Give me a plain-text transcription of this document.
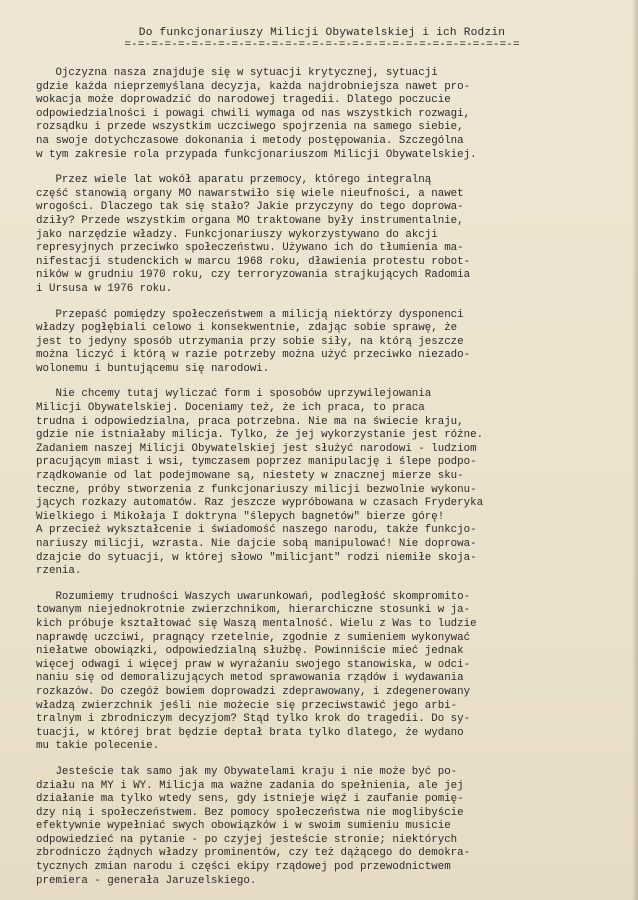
Do funkcjonariuszy Milicji Obywatelskiej i ich Rodzin

=-=-=-=-=-=-=-=-=-=-=-=-=-=-=-=-=-=-=-=-=-=-=-=-=-=-=-=-=-=

Ojczyzna nasza znajduje się w sytuacji krytycznej, sytuacji
gdzie każda nieprzemyślana decyzja, każda najdrobniejsza nawet pro-
wokacja może doprowadzić do narodowej tragedii. Dlatego poczucie
odpowiedzialności i powagi chwili wymaga od nas wszystkich rozwagi,
rozsądku i przede wszystkim uczciwego spojrzenia na samego siebie,
na swoje dotychczasowe dokonania i metody postępowania. Szczególna
w tym zakresie rola przypada funkcjonariuszom Milicji Obywatelskiej.
Przez wiele lat wokół aparatu przemocy, którego integralną
część stanowią organy MO nawarstwiło się wiele nieufności, a nawet
wrogości. Dlaczego tak się stało? Jakie przyczyny do tego doprowa-
dziły? Przede wszystkim organa MO traktowane były instrumentalnie,
jako narzędzie władzy. Funkcjonariuszy wykorzystywano do akcji
represyjnych przeciwko społeczeństwu. Używano ich do tłumienia ma-
nifestacji studenckich w marcu 1968 roku, dławienia protestu robot-
ników w grudniu 1970 roku, czy terroryzowania strajkujących Radomia
i Ursusa w 1976 roku.
Przepaść pomiędzy społeczeństwem a milicją niektórzy dysponenci
władzy pogłębiali celowo i konsekwentnie, zdając sobie sprawę, że
jest to jedyny sposób utrzymania przy sobie siły, na którą jeszcze
można liczyć i którą w razie potrzeby można użyć przeciwko niezado-
wolonemu i buntującemu się narodowi.
Nie chcemy tutaj wyliczać form i sposobów uprzywilejowania
Milicji Obywatelskiej. Doceniamy też, że ich praca, to praca
trudna i odpowiedzialna, praca potrzebna. Nie ma na świecie kraju,
gdzie nie istniałaby milicja. Tylko, że jej wykorzystanie jest różne.
Zadaniem naszej Milicji Obywatelskiej jest służyć narodowi - ludziom
pracującym miast i wsi, tymczasem poprzez manipulację i ślepe podpo-
rządkowanie od lat podejmowane są, niestety w znacznej mierze sku-
teczne, próby stworzenia z funkcjonariuszy milicji bezwolnie wykonu-
jących rozkazy automatów. Raz jeszcze wypróbowana w czasach Fryderyka
Wielkiego i Mikołaja I doktryna "ślepych bagnetów" bierze górę!
A przecież wykształcenie i świadomość naszego narodu, także funkcjo-
nariuszy milicji, wzrasta. Nie dajcie sobą manipulować! Nie doprowa-
dzajcie do sytuacji, w której słowo "milicjant" rodzi niemiłe skoja-
rzenia.
Rozumiemy trudności Waszych uwarunkowań, podległość skompromito-
towanym niejednokrotnie zwierzchnikom, hierarchiczne stosunki w ja-
kich próbuje kształtować się Waszą mentalność. Wielu z Was to ludzie
naprawdę uczciwi, pragnący rzetelnie, zgodnie z sumieniem wykonywać
niełatwe obowiązki, odpowiedzialną służbę. Powinniście mieć jednak
więcej odwagi i więcej praw w wyrażaniu swojego stanowiska, w odci-
naniu się od demoralizujących metod sprawowania rządów i wydawania
rozkazów. Do czegóż bowiem doprowadzi zdeprawowany, i zdegenerowany
władzą zwierzchnik jeśli nie możecie się przeciwstawić jego arbi-
tralnym i zbrodniczym decyzjom? Stąd tylko krok do tragedii. Do sy-
tuacji, w której brat będzie deptał brata tylko dlatego, że wydano
mu takie polecenie.
Jesteście tak samo jak my Obywatelami kraju i nie może być po-
działu na MY i WY. Milicja ma ważne zadania do spełnienia, ale jej
działanie ma tylko wtedy sens, gdy istnieje więź i zaufanie pomię-
dzy nią i społeczeństwem. Bez pomocy społeczeństwa nie moglibyście
efektywnie wypełniać swych obowiązków i w swoim sumieniu musicie
odpowiedzieć na pytanie - po czyjej jesteście stronie; niektórych
zbrodniczo żądnych władzy prominentów, czy też dążącego do demokra-
tycznych zmian narodu i części ekipy rządowej pod przewodnictwem
premiera - generała Jaruzelskiego.
